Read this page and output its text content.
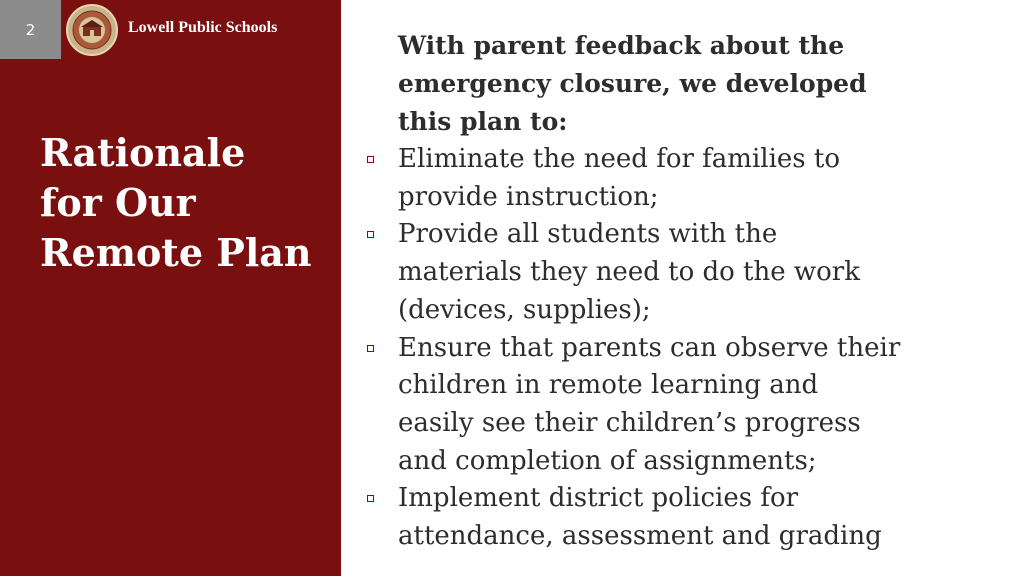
2	Lowell Public Schools
Rationale
for Our
Remote Plan

With parent feedback about the
emergency closure, we developed
this plan to:

Eliminate the need for families to
provide instruction;
Provide all students with the
materials they need to do the work
(devices, supplies);
Ensure that parents can observe their
children in remote learning and
easily see their children’s progress
and completion of assignments;
Implement district policies for
attendance, assessment and grading
